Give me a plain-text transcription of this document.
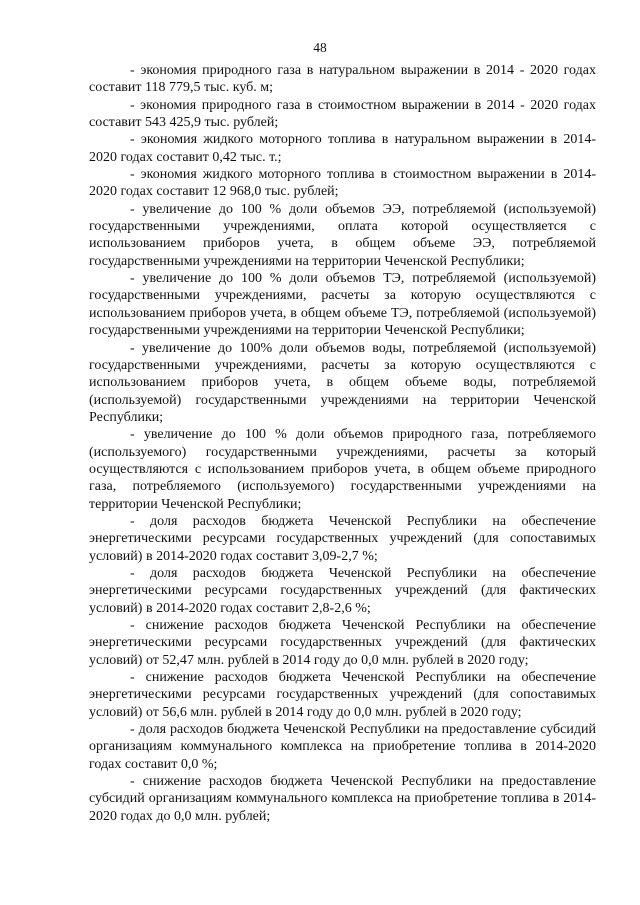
48

- экономия природного газа в натуральном выражении в 2014 - 2020 годах составит 118 779,5 тыс. куб. м;

- экономия природного газа в стоимостном выражении в 2014 - 2020 годах составит 543 425,9 тыс. рублей;

- экономия жидкого моторного топлива в натуральном выражении в 2014-2020 годах составит 0,42 тыс. т.;

- экономия жидкого моторного топлива в стоимостном выражении в 2014-2020 годах составит 12 968,0 тыс. рублей;

- увеличение до 100 % доли объемов ЭЭ, потребляемой (используемой) государственными учреждениями, оплата которой осуществляется с использованием приборов учета, в общем объеме ЭЭ, потребляемой государственными учреждениями на территории Чеченской Республики;

- увеличение до 100 % доли объемов ТЭ, потребляемой (используемой) государственными учреждениями, расчеты за которую осуществляются с использованием приборов учета, в общем объеме ТЭ, потребляемой (используемой) государственными учреждениями на территории Чеченской Республики;

- увеличение до 100% доли объемов воды, потребляемой (используемой) государственными учреждениями, расчеты за которую осуществляются с использованием приборов учета, в общем объеме воды, потребляемой (используемой) государственными учреждениями на территории Чеченской Республики;

- увеличение до 100 % доли объемов природного газа, потребляемого (используемого) государственными учреждениями, расчеты за который осуществляются с использованием приборов учета, в общем объеме природного газа, потребляемого (используемого) государственными учреждениями на территории Чеченской Республики;

- доля расходов бюджета Чеченской Республики на обеспечение энергетическими ресурсами государственных учреждений (для сопоставимых условий) в 2014-2020 годах составит 3,09-2,7 %;

- доля расходов бюджета Чеченской Республики на обеспечение энергетическими ресурсами государственных учреждений (для фактических условий) в 2014-2020 годах составит 2,8-2,6 %;

- снижение расходов бюджета Чеченской Республики на обеспечение энергетическими ресурсами государственных учреждений (для фактических условий) от 52,47 млн. рублей в 2014 году до 0,0 млн. рублей в 2020 году;

- снижение расходов бюджета Чеченской Республики на обеспечение энергетическими ресурсами государственных учреждений (для сопоставимых условий) от 56,6 млн. рублей в 2014 году до 0,0 млн. рублей в 2020 году;

- доля расходов бюджета Чеченской Республики на предоставление субсидий организациям коммунального комплекса на приобретение топлива в 2014-2020 годах составит 0,0 %;

- снижение расходов бюджета Чеченской Республики на предоставление субсидий организациям коммунального комплекса на приобретение топлива в 2014-2020 годах до 0,0 млн. рублей;
